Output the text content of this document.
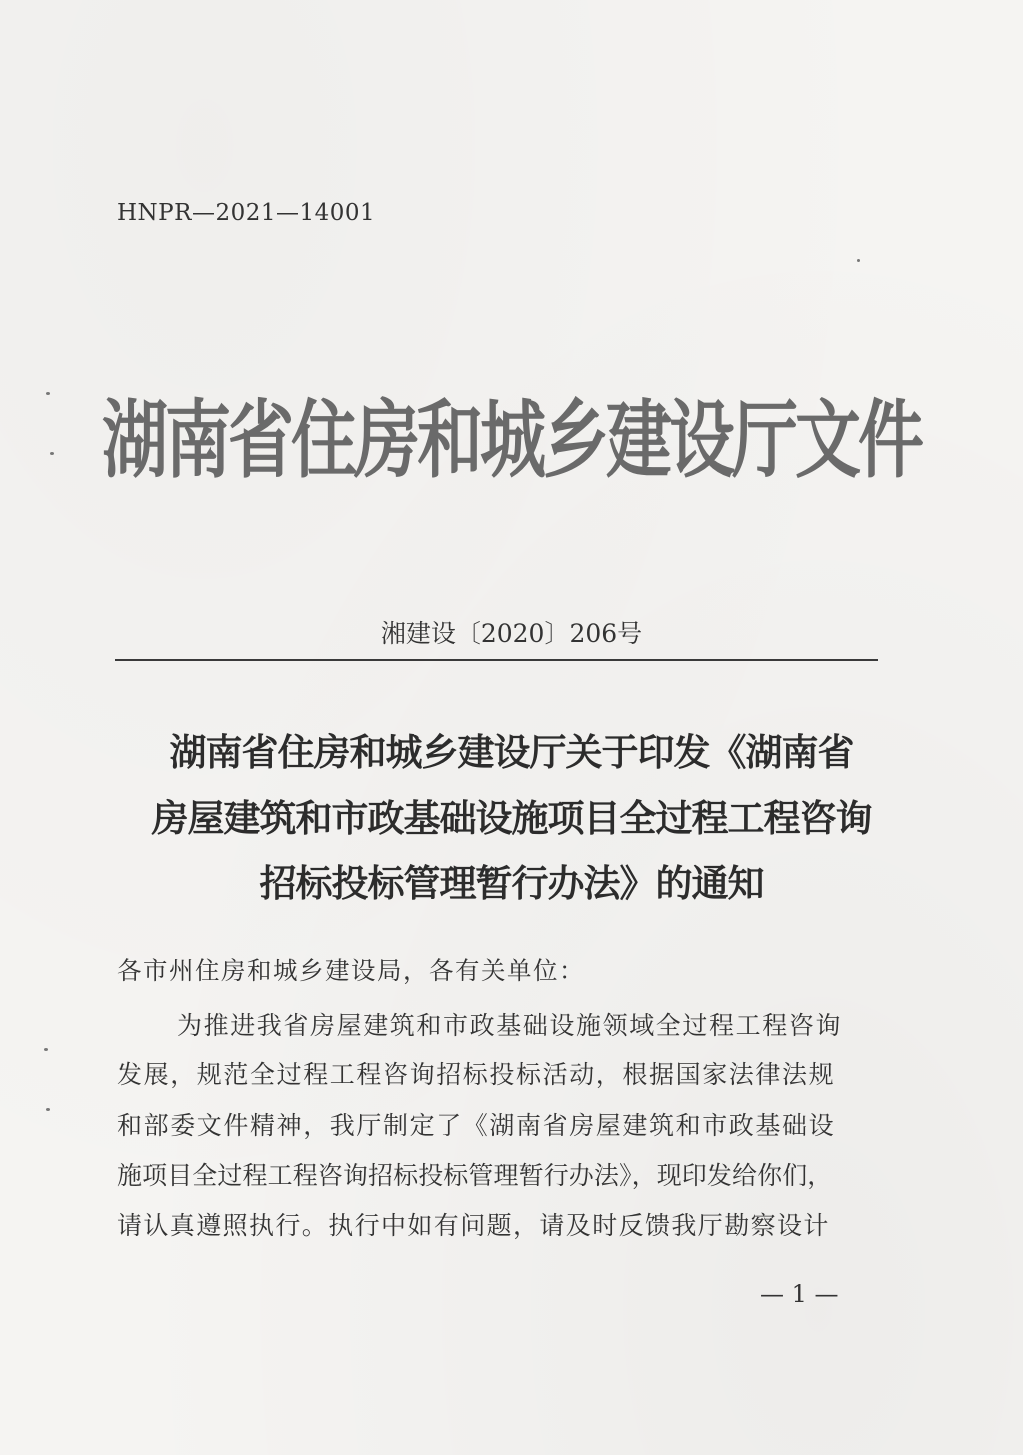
HNPR—2021—14001
湖南省住房和城乡建设厅文件
湘建设〔2020〕206号
湖南省住房和城乡建设厅关于印发《湖南省
房屋建筑和市政基础设施项目全过程工程咨询
招标投标管理暂行办法》的通知
各市州住房和城乡建设局，各有关单位：
为推进我省房屋建筑和市政基础设施领域全过程工程咨询
发展，规范全过程工程咨询招标投标活动，根据国家法律法规
和部委文件精神，我厅制定了《湖南省房屋建筑和市政基础设
施项目全过程工程咨询招标投标管理暂行办法》，现印发给你们，
请认真遵照执行。执行中如有问题，请及时反馈我厅勘察设计
— 1 —
